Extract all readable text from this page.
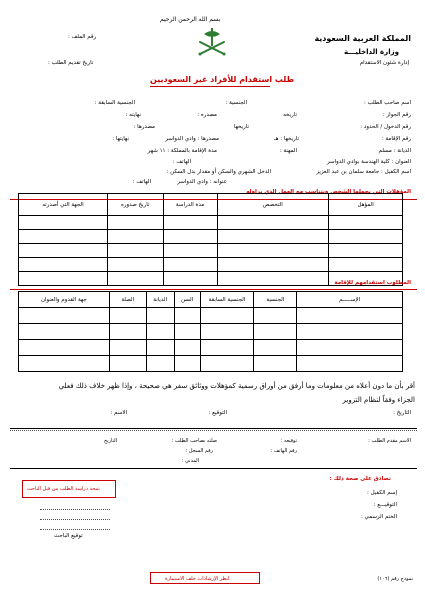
بسم الله الرحمن الرحيم
المملكة العربية السعودية
وزارة الداخليـــة
إدارة شئون الاستقدام
رقم الملف :
تاريخ تقديم الطلب :
طلب استقدام للأفراد غير السعوديين
اسم صاحب الطلب :
الجنسية :
الجنسية السابقة :
رقم الجواز :
تاريخه
مصدره :
نهايته :
رقم الدخول / الحدود :
تاريخها
مصدرها :
رقم الإقامة :
تاريخها : هـ
مصدرها : وادي الدواسر
نهايتها :
الديانة : مسلم
المهنة :
مدة الإقامة بالمملكة : ١١ شهر
العنوان : كلية الهندسة بوادي الدواسر
الهاتف :
الدخل الشهري والسكن أو مقدار بدل السكن :	اسم الكفيل : جامعة سلمان بن عبد العزيز
عنوانه : وادي الدواسر
الهاتف :
المؤهلات التي يحملها الشخص ويتناسب مع العمل الذي يزاوله
المؤهل	التخصص	مدة الدراسة	تاريخ صدوره	الجهة التي أصدرته

المطلوب استقدامهم للإقامة
الإســـــم	الجنسية	الجنسية السابقة	السن	الديانة	الصلة	جهة القدوم والعنوان

أقر بأن ما دون أعلاه من معلومات وما أرفق من أوراق رسمية كمؤهلات ووثائق سفر هي صحيحة ، وإذا ظهر خلاف ذلك فعلي
الجزاء وفقاً لنظام التزوير
الاسم :	التوقيع :	التاريخ :
الاسم مقدم الطلب :
توقيعه :
صلته بصاحب الطلب :
التاريخ
رقم الهاتف :
رقم السجل :
المدني :
تصادق على صحة ذلك :
إسم الكفيل :
التوقيـــع :
الختم الرسمي :
نتيجة دراسة الطلب من قبل الباحث
توقيع الباحث
انظر الإرشادات خلف الاستمارة	نموذج رقم (١٠٦)
